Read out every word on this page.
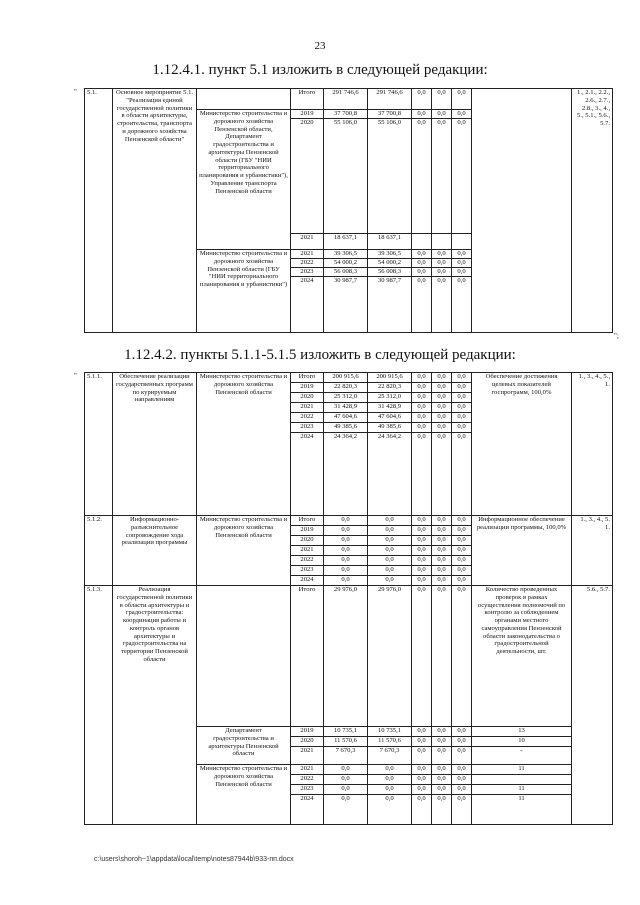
23
1.12.4.1. пункт 5.1 изложить в следующей редакции:
" 5.1.	Основное мероприятие 5.1. "Реализация единой государственной политики в области архитектуры, строительства, транспорта и дорожного хозяйства Пензенской области"		Итого	291 746,6	291 746,6	0,0	0,0	0,0		1., 2.1., 2.2., 2.6., 2.7., 2.8., 3., 4., 5., 5.1., 5.6., 5.7.
		Министерство строительства и дорожного хозяйства Пензенской области, Департамент градостроительства и архитектуры Пензенской области (ГБУ "НИИ территориального планирования и урбанистики"), Управление транспорта Пензенской области	2019	37 700,8	37 700,8	0,0	0,0	0,0		
			2020	55 106,0	55 106,0	0,0	0,0	0,0		
			2021	18 637,1	18 637,1					
		Министерство строительства и дорожного хозяйства Пензенской области (ГБУ "НИИ территориального планирования и урбанистики")	2021	39 306,5	39 306,5	0,0	0,0	0,0		
			2022	54 000,2	54 000,2	0,0	0,0	0,0		
			2023	56 008,3	56 008,3	0,0	0,0	0,0		
			2024	30 987,7	30 987,7	0,0	0,0	0,0		
";
1.12.4.2. пункты 5.1.1-5.1.5 изложить в следующей редакции:
" 5.1.1.	Обеспечение реализации государственных программ по курируемым направлениям	Министерство строительства и дорожного хозяйства Пензенской области	Итого	200 915,6	200 915,6	0,0	0,0	0,0	Обеспечение достижения целевых показателей госпрограмм, 100,0%	1., 3., 4., 5., 1.
			2019	22 820,3	22 820,3	0,0	0,0	0,0		
			2020	25 312,0	25 312,0	0,0	0,0	0,0		
			2021	31 428,9	31 428,9	0,0	0,0	0,0		
			2022	47 604,6	47 604,6	0,0	0,0	0,0		
			2023	49 385,6	49 385,6	0,0	0,0	0,0		
			2024	24 364,2	24 364,2	0,0	0,0	0,0		
5.1.2.	Информационно-разъяснительное сопровождение хода реализации программы	Министерство строительства и дорожного хозяйства Пензенской области	Итого	0,0	0,0	0,0	0,0	0,0	Информационное обеспечение реализации программы, 100,0%	1., 3., 4., 5. 1.
			2019	0,0	0,0	0,0	0,0	0,0		
			2020	0,0	0,0	0,0	0,0	0,0		
			2021	0,0	0,0	0,0	0,0	0,0		
			2022	0,0	0,0	0,0	0,0	0,0		
			2023	0,0	0,0	0,0	0,0	0,0		
			2024	0,0	0,0	0,0	0,0	0,0		
5.1.3.	Реализация государственной политики в области архитектуры и градостроительства: координация работы и контроль органов архитектуры и градостроительства на территории Пензенской области		Итого	29 976,0	29 976,0	0,0	0,0	0,0	Количество проведенных проверок в рамках осуществления полномочий по контролю за соблюдением органами местного самоуправления Пензенской области законодательства о градостроительной деятельности, шт.	5.6., 5.7.
		Департамент градостроительства и архитектуры Пензенской области	2019	10 735,1	10 735,1	0,0	0,0	0,0	13	
			2020	11 570,6	11 570,6	0,0	0,0	0,0	10	
			2021	7 670,3	7 670,3	0,0	0,0	0,0	-	
		Министерство строительства и дорожного хозяйства Пензенской области	2021	0,0	0,0	0,0	0,0	0,0	11	
			2022	0,0	0,0	0,0	0,0	0,0		
			2023	0,0	0,0	0,0	0,0	0,0	11	
			2024	0,0	0,0	0,0	0,0	0,0	11	
c:\users\shoroh~1\appdata\local\temp\notes87944b\933-пп.docx
